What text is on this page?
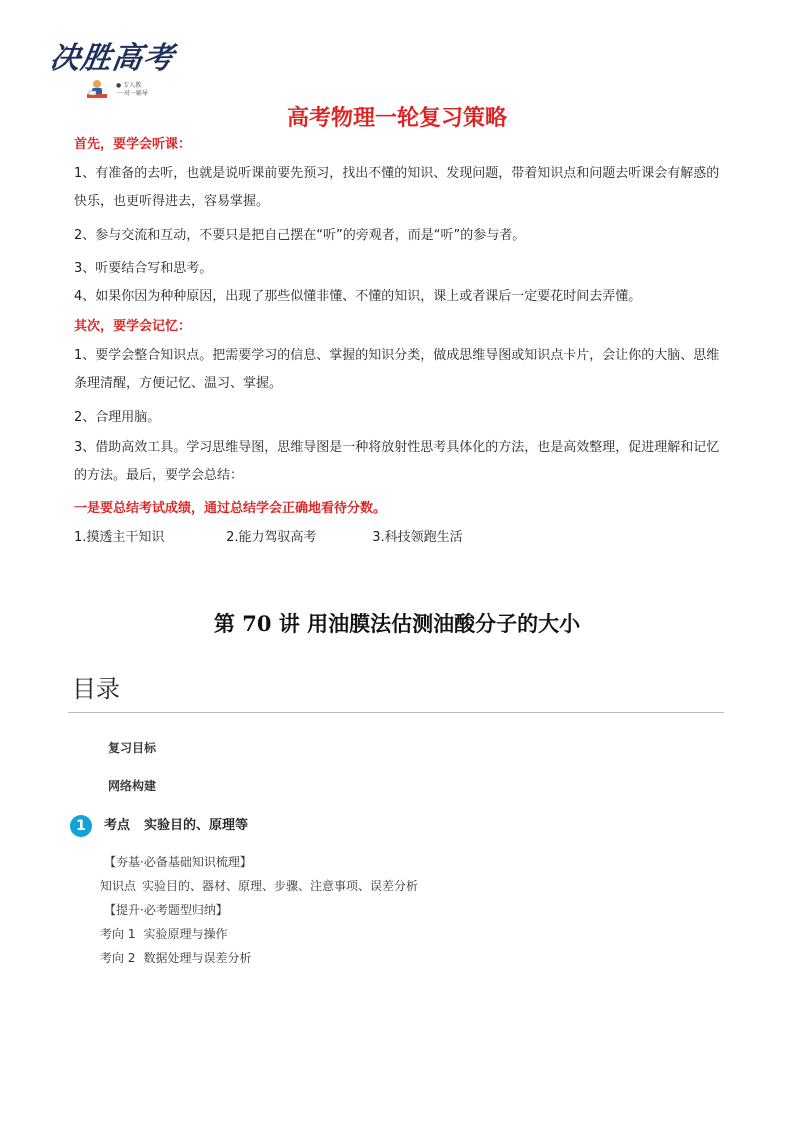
决胜高考
● 专人教
·一对一辅导
高考物理一轮复习策略
首先，要学会听课：
1、有准备的去听，也就是说听课前要先预习，找出不懂的知识、发现问题，带着知识点和问题去听课会有解惑的快乐，也更听得进去，容易掌握。
2、参与交流和互动，不要只是把自己摆在“听”的旁观者，而是“听”的参与者。
3、听要结合写和思考。
4、如果你因为种种原因，出现了那些似懂非懂、不懂的知识，课上或者课后一定要花时间去弄懂。
其次，要学会记忆：
1、要学会整合知识点。把需要学习的信息、掌握的知识分类，做成思维导图或知识点卡片，会让你的大脑、思维条理清醒，方便记忆、温习、掌握。
2、合理用脑。
3、借助高效工具。学习思维导图，思维导图是一种将放射性思考具体化的方法，也是高效整理，促进理解和记忆的方法。最后，要学会总结：
一是要总结考试成绩，通过总结学会正确地看待分数。
1.摸透主干知识	2.能力驾驭高考	3.科技领跑生活
第 70 讲 用油膜法估测油酸分子的大小
目录
复习目标
网络构建
1	考点 实验目的、原理等
【夯基·必备基础知识梳理】
知识点 实验目的、器材、原理、步骤、注意事项、误差分析
【提升·必考题型归纳】
考向 1 实验原理与操作
考向 2 数据处理与误差分析
